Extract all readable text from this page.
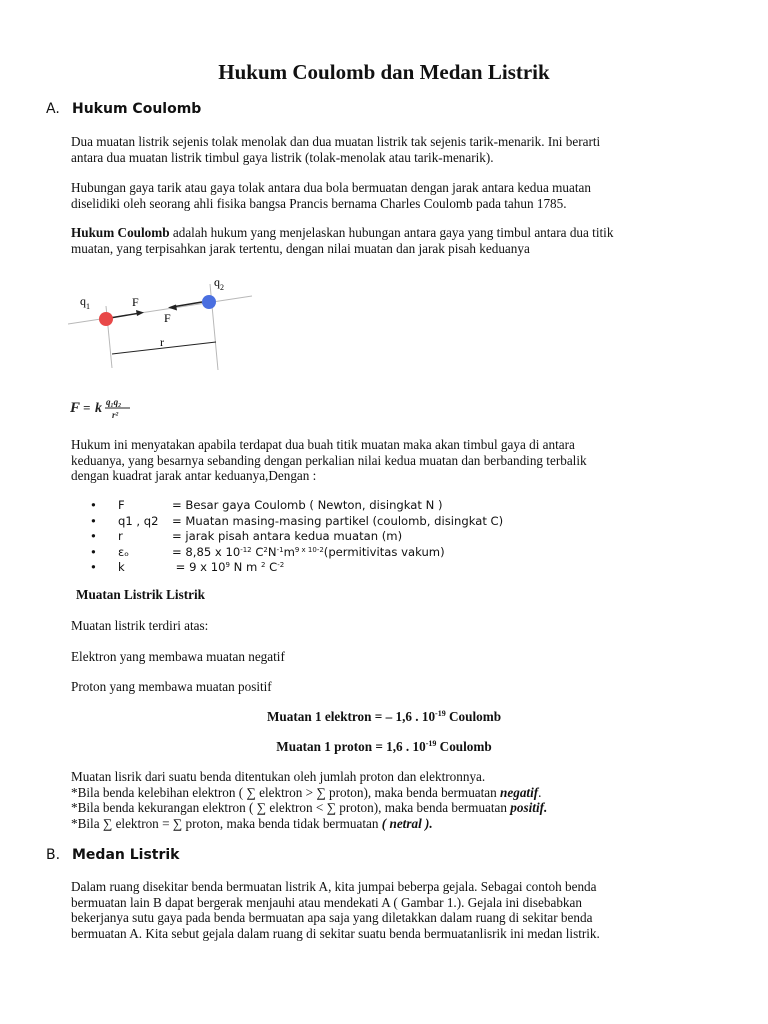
Hukum Coulomb dan Medan Listrik
A. Hukum Coulomb
Dua muatan listrik sejenis tolak menolak dan dua muatan listrik tak sejenis tarik-menarik. Ini berarti
antara dua muatan listrik timbul gaya listrik (tolak-menolak atau tarik-menarik).
Hubungan gaya tarik atau gaya tolak antara dua bola bermuatan dengan jarak antara kedua muatan
diselidiki oleh seorang ahli fisika bangsa Prancis bernama Charles Coulomb pada tahun 1785.
Hukum Coulomb adalah hukum yang menjelaskan hubungan antara gaya yang timbul antara dua titik
muatan, yang terpisahkan jarak tertentu, dengan nilai muatan dan jarak pisah keduanya
$q_1$
$q_2$
F
F
r
F = k q₁q₂
r²
Hukum ini menyatakan apabila terdapat dua buah titik muatan maka akan timbul gaya di antara
keduanya, yang besarnya sebanding dengan perkalian nilai kedua muatan dan berbanding terbalik
dengan kuadrat jarak antar keduanya,Dengan :
• F	= Besar gaya Coulomb ( Newton, disingkat N )
• q1 , q2 = Muatan masing-masing partikel (coulomb, disingkat C)
• r	= jarak pisah antara kedua muatan (m)
• εₒ	= 8,85 x $10^{-12}$ $C^2N^{-1}m^{9 x 10-2}(permitivitas$ vakum)
• k	= 9 x $10^9$ N m $^2$ $C^{-2}$
Muatan Listrik Listrik
Muatan listrik terdiri atas:
Elektron yang membawa muatan negatif
Proton yang membawa muatan positif
Muatan 1 elektron = – 1,6 . $10^{-19}$ Coulomb
Muatan 1 proton = 1,6 . $10^{-19}$ Coulomb
Muatan lisrik dari suatu benda ditentukan oleh jumlah proton dan elektronnya.
*Bila benda kelebihan elektron ( ∑ elektron > ∑ proton), maka benda bermuatan negatif.
*Bila benda kekurangan elektron ( ∑ elektron < ∑ proton), maka benda bermuatan positif.
*Bila ∑ elektron = ∑ proton, maka benda tidak bermuatan ( netral ).
B. Medan Listrik
Dalam ruang disekitar benda bermuatan listrik A, kita jumpai beberpa gejala. Sebagai contoh benda
bermuatan lain B dapat bergerak menjauhi atau mendekati A ( Gambar 1.). Gejala ini disebabkan
bekerjanya sutu gaya pada benda bermuatan apa saja yang diletakkan dalam ruang di sekitar benda
bermuatan A. Kita sebut gejala dalam ruang di sekitar suatu benda bermuatanlisrik ini medan listrik.
